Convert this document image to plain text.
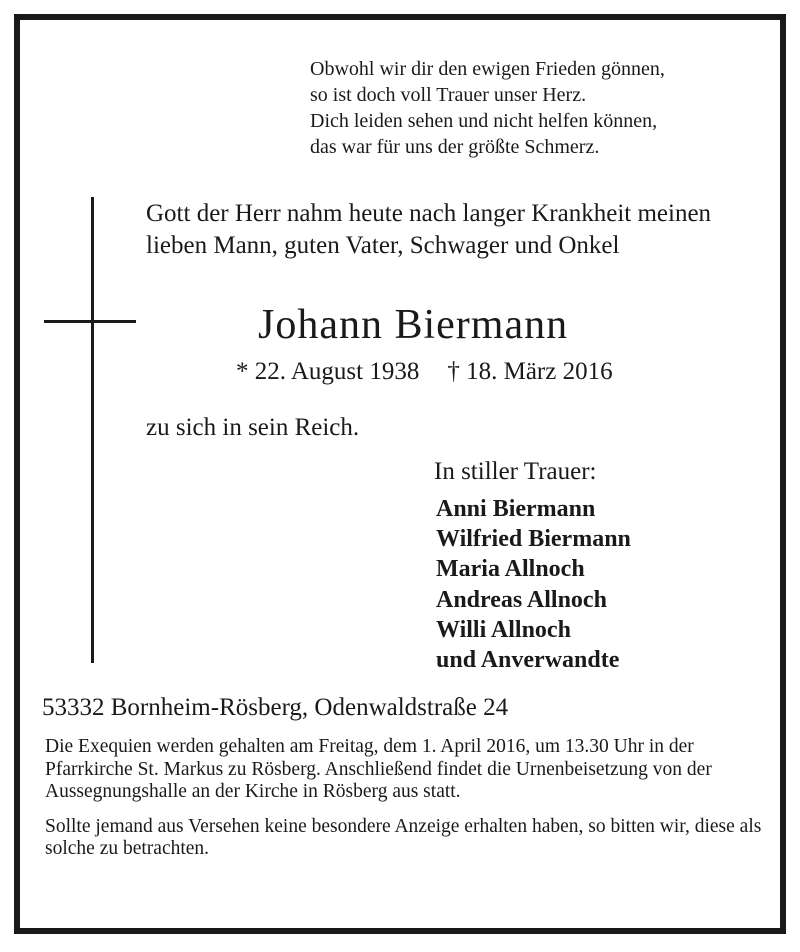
Obwohl wir dir den ewigen Frieden gönnen,
so ist doch voll Trauer unser Herz.
Dich leiden sehen und nicht helfen können,
das war für uns der größte Schmerz.
Gott der Herr nahm heute nach langer Krankheit meinen lieben Mann, guten Vater, Schwager und Onkel
Johann Biermann
* 22. August 1938 † 18. März 2016
zu sich in sein Reich.
In stiller Trauer:
Anni Biermann
Wilfried Biermann
Maria Allnoch
Andreas Allnoch
Willi Allnoch
und Anverwandte
53332 Bornheim-Rösberg, Odenwaldstraße 24

Die Exequien werden gehalten am Freitag, dem 1. April 2016, um 13.30 Uhr in der Pfarrkirche St. Markus zu Rösberg. Anschließend findet die Urnenbeisetzung von der Aussegnungshalle an der Kirche in Rösberg aus statt.

Sollte jemand aus Versehen keine besondere Anzeige erhalten haben, so bitten wir, diese als solche zu betrachten.
